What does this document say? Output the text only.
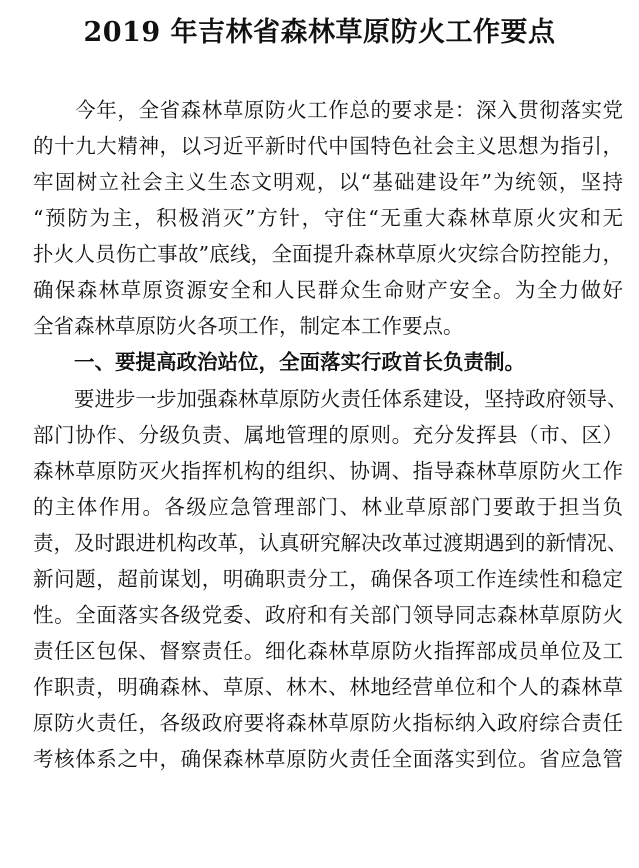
2019 年吉林省森林草原防火工作要点
　　今年，全省森林草原防火工作总的要求是：深入贯彻落实党
的十九大精神，以习近平新时代中国特色社会主义思想为指引，
牢固树立社会主义生态文明观，以“基础建设年”为统领，坚持
“预防为主，积极消灭”方针，守住“无重大森林草原火灾和无
扑火人员伤亡事故”底线，全面提升森林草原火灾综合防控能力，
确保森林草原资源安全和人民群众生命财产安全。为全力做好
全省森林草原防火各项工作，制定本工作要点。
　　一、要提高政治站位，全面落实行政首长负责制。
　　要进步一步加强森林草原防火责任体系建设，坚持政府领导、
部门协作、分级负责、属地管理的原则。充分发挥县（市、区）
森林草原防灭火指挥机构的组织、协调、指导森林草原防火工作
的主体作用。各级应急管理部门、林业草原部门要敢于担当负
责，及时跟进机构改革，认真研究解决改革过渡期遇到的新情况、
新问题，超前谋划，明确职责分工，确保各项工作连续性和稳定
性。全面落实各级党委、政府和有关部门领导同志森林草原防火
责任区包保、督察责任。细化森林草原防火指挥部成员单位及工
作职责，明确森林、草原、林木、林地经营单位和个人的森林草
原防火责任，各级政府要将森林草原防火指标纳入政府综合责任
考核体系之中，确保森林草原防火责任全面落实到位。省应急管
